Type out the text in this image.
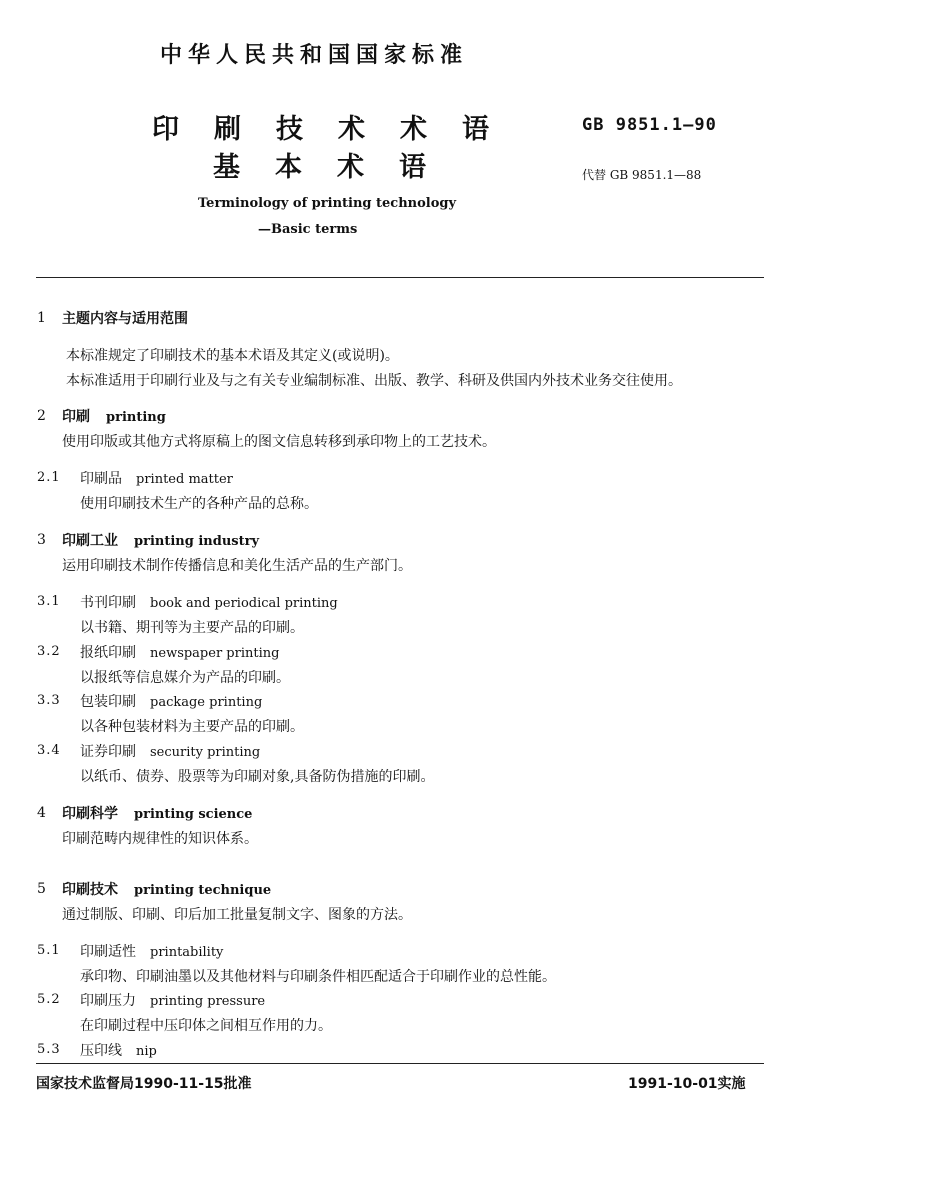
中华人民共和国国家标准
印刷技术术语
基本术语
GB 9851.1—90
代替 GB 9851.1—88
Terminology of printing technology
—Basic terms
1 主题内容与适用范围
本标准规定了印刷技术的基本术语及其定义(或说明)。
本标准适用于印刷行业及与之有关专业编制标准、出版、教学、科研及供国内外技术业务交往使用。
2 印刷 printing
使用印版或其他方式将原稿上的图文信息转移到承印物上的工艺技术。
2.1 印刷品 printed matter
使用印刷技术生产的各种产品的总称。
3 印刷工业 printing industry
运用印刷技术制作传播信息和美化生活产品的生产部门。
3.1 书刊印刷 book and periodical printing
以书籍、期刊等为主要产品的印刷。
3.2 报纸印刷 newspaper printing
以报纸等信息媒介为产品的印刷。
3.3 包装印刷 package printing
以各种包装材料为主要产品的印刷。
3.4 证券印刷 security printing
以纸币、债券、股票等为印刷对象,具备防伪措施的印刷。
4 印刷科学 printing science
印刷范畴内规律性的知识体系。
5 印刷技术 printing technique
通过制版、印刷、印后加工批量复制文字、图象的方法。
5.1 印刷适性 printability
承印物、印刷油墨以及其他材料与印刷条件相匹配适合于印刷作业的总性能。
5.2 印刷压力 printing pressure
在印刷过程中压印体之间相互作用的力。
5.3 压印线 nip
国家技术监督局1990-11-15批准	1991-10-01实施
